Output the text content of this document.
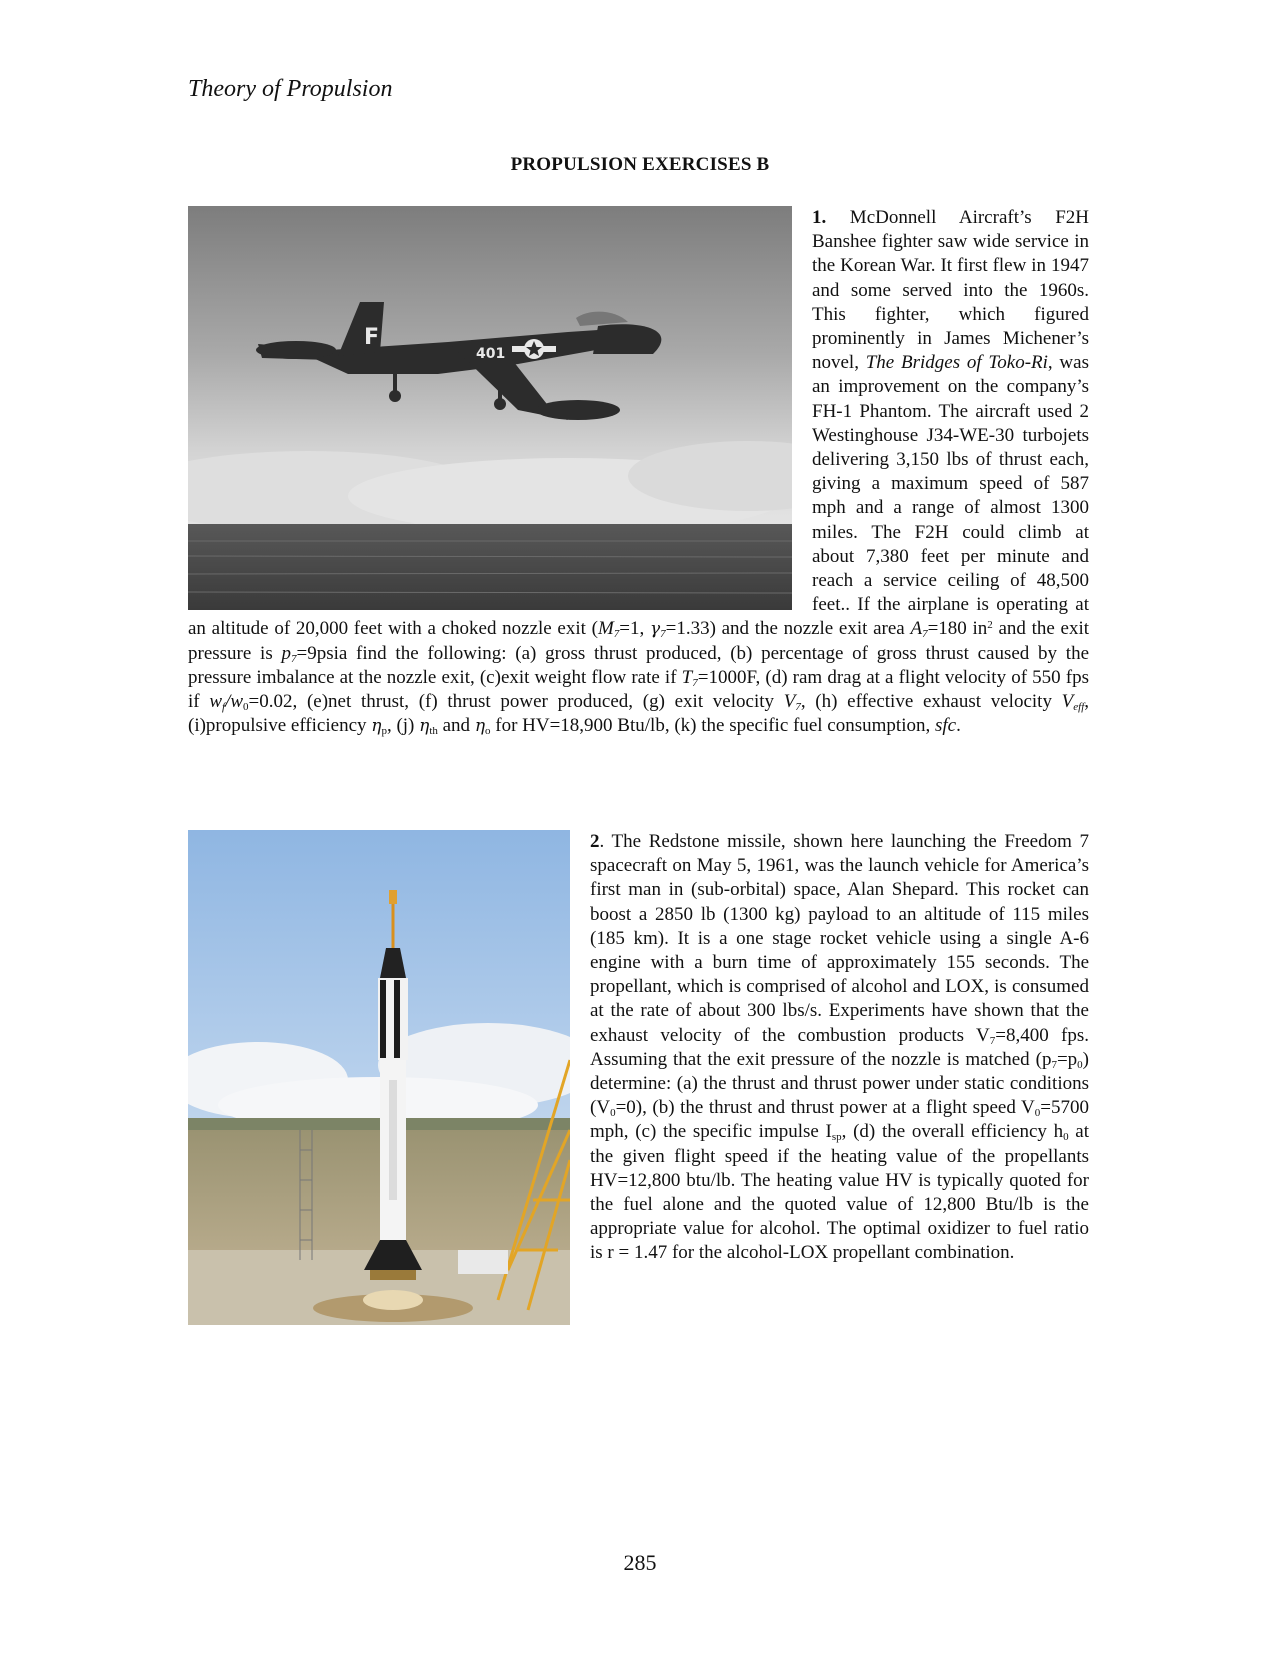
Theory of Propulsion
PROPULSION EXERCISES B
F
401
1. McDonnell Aircraft’s F2H Banshee fighter saw wide service in the Korean War. It first flew in 1947 and some served into the 1960s. This fighter, which figured prominently in James Michener’s novel, The Bridges of Toko-Ri, was an improvement on the company’s FH-1 Phantom. The aircraft used 2 Westinghouse J34-WE-30 turbojets delivering 3,150 lbs of thrust each, giving a maximum speed of 587 mph and a range of almost 1300 miles. The F2H could climb at about 7,380 feet per minute and reach a service ceiling of 48,500 feet.. If the airplane is operating at an altitude of 20,000 feet with a choked nozzle exit ($M_7=1$, $\gamma_7=1.33$) and the nozzle exit area $A_7=180$ $in^2$ and the exit pressure is $p_7=9psia$ find the following: (a) gross thrust produced, (b) percentage of gross thrust caused by the pressure imbalance at the nozzle exit, (c)exit weight flow rate if $T_7=1000F$, (d) ram drag at a flight velocity of 550 fps if $w_f/w_0=0.02$, (e)net thrust, (f) thrust power produced, (g) exit velocity $V_7$, (h) effective exhaust velocity $V_{eff}$, (i)propulsive efficiency $\eta_p$, (j) $\eta_{th}$ and $\eta_o$ for HV=18,900 Btu/lb, (k) the specific fuel consumption, sfc.
2. The Redstone missile, shown here launching the Freedom 7 spacecraft on May 5, 1961, was the launch vehicle for America’s first man in (sub-orbital) space, Alan Shepard. This rocket can boost a 2850 lb (1300 kg) payload to an altitude of 115 miles (185 km). It is a one stage rocket vehicle using a single A-6 engine with a burn time of approximately 155 seconds. The propellant, which is comprised of alcohol and LOX, is consumed at the rate of about 300 lbs/s. Experiments have shown that the exhaust velocity of the combustion products $V_7=8,400$ fps. Assuming that the exit pressure of the nozzle is matched $(p_7=p_0)$ determine: (a) the thrust and thrust power under static conditions $(V_0=0)$, (b) the thrust and thrust power at a flight speed $V_0=5700$ mph, (c) the specific impulse $I_{sp}$, (d) the overall efficiency $h_0$ at the given flight speed if the heating value of the propellants HV=12,800 btu/lb. The heating value HV is typically quoted for the fuel alone and the quoted value of 12,800 Btu/lb is the appropriate value for alcohol. The optimal oxidizer to fuel ratio is r = 1.47 for the alcohol-LOX propellant combination.
285
